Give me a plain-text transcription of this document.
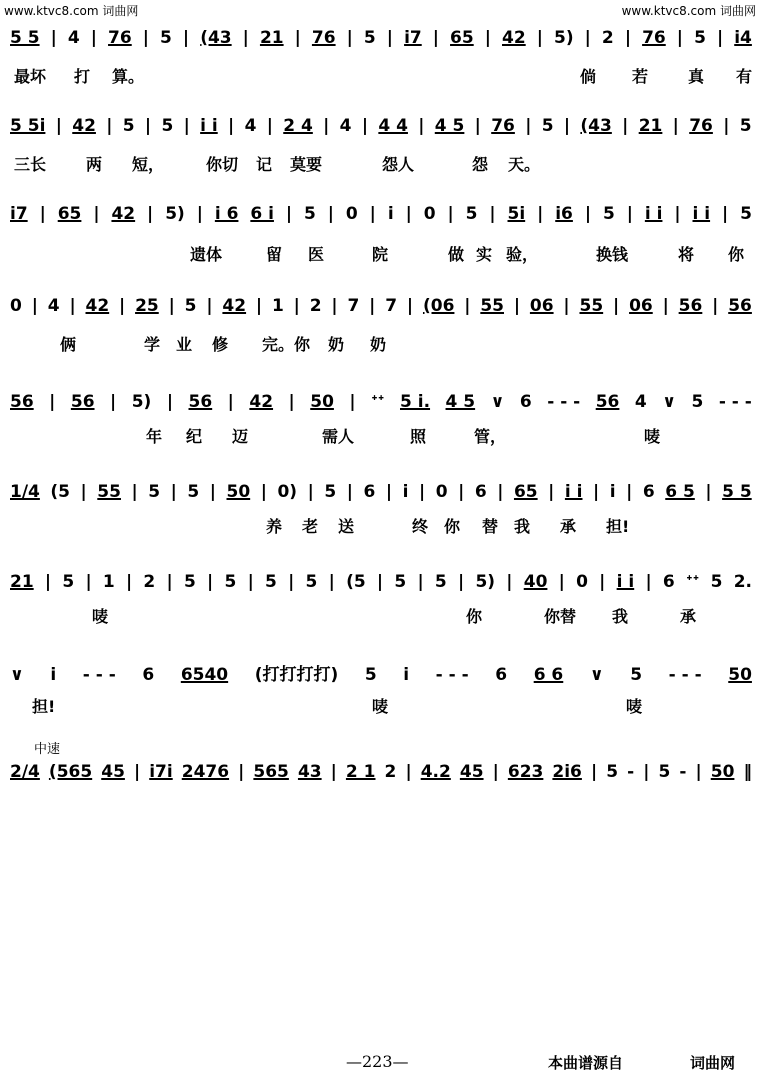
www.ktvc8.com 词曲网	www.ktvc8.com 词曲网
5 5 | 4 | 76 | 5 | (43 | 21 | 76 | 5 | i7 | 65 | 42 | 5) | 2 | 76 | 5 | i4
5 5i | 42 | 5 | 5 | i i | 4 | 2 4 | 4 | 4 4 | 4 5 | 76 | 5 | (43 | 21 | 76 | 5
i7 | 65 | 42 | 5) | i 6 6 i | 5 | 0 | i | 0 | 5 | 5i | i6 | 5 | i i | i i | 5
0 | 4 | 42 | 25 | 5 | 42 | 1 | 2 | 7 | 7 | (06 | 55 | 06 | 55 | 06 | 56 | 56
56 | 56 | 5) | 56 | 42 | 50 | ᐩᐩ 5 i. 4 5 ∨ 6 - - - 56 4 ∨ 5 - - -
1/4 (5 | 55 | 5 | 5 | 50 | 0) | 5 | 6 | i | 0 | 6 | 65 | i i | i | 6 6 5 | 5 5
21 | 5 | 1 | 2 | 5 | 5 | 5 | 5 | (5 | 5 | 5 | 5) | 40 | 0 | i i | 6 ᐩᐩ 5 2.
∨ i - - - 6 6540 (打打打打) 5 i - - - 6 6 6 ∨ 5 - - - 50
2/4 (565 45 | i7i 2476 | 565 43 | 2 1 2 | 4.2 45 | 623 2i6 | 5 - | 5 - | 50 ‖
最坏 打 算。	倘 若 真 有
三长 两 短，	你切 记 莫要	怨人	怨 天。
遗体	留 医	院	做 实 验，	换钱	将 你
俩	学 业 修 完。你 奶 奶
年 纪 迈	需人	照	管，	唛
养 老 送	终 你 替 我 承 担!
唛	你	你替 我	承
担!	唛	唛
中速
—223—	本曲谱源自	词曲网
